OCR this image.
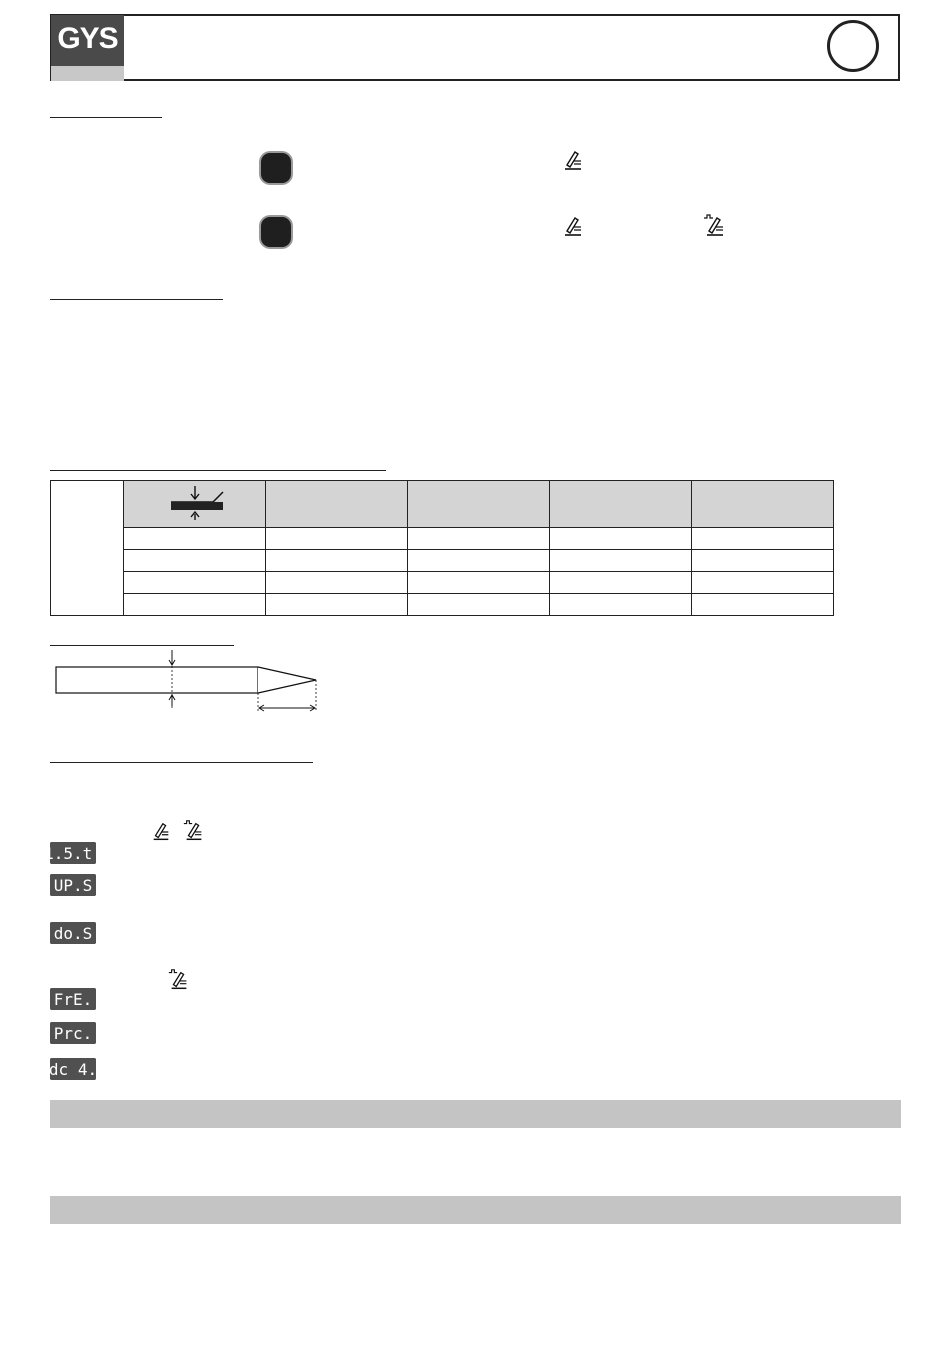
GYS

1.5.t.
UP.S
do.S
FrE.
Prc.
dc 4.
